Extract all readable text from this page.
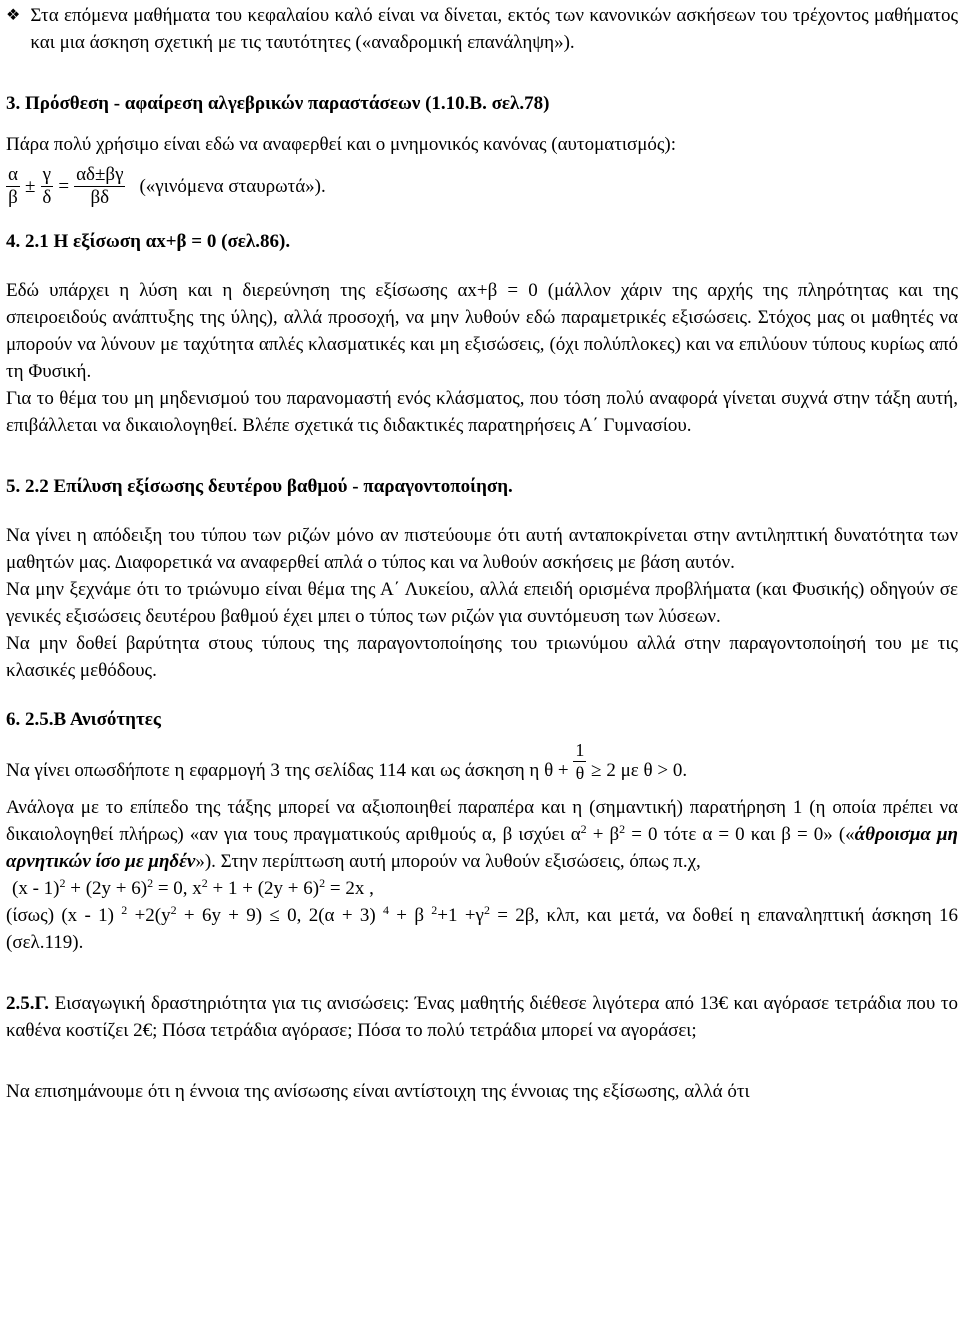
❖ Στα επόμενα μαθήματα του κεφαλαίου καλό είναι να δίνεται, εκτός των κανονικών ασκήσεων του τρέχοντος μαθήματος και μια άσκηση σχετική με τις ταυτότητες («αναδρομική επανάληψη»).

3. Πρόσθεση - αφαίρεση αλγεβρικών παραστάσεων (1.10.Β. σελ.78)

Πάρα πολύ χρήσιμο είναι εδώ να αναφερθεί και ο μνημονικός κανόνας (αυτοματισμός):

$\frac{\alpha}{\beta} \pm \frac{\gamma}{\delta} = \frac{\alpha\delta\pm\beta\gamma}{\beta\delta}$ («γινόμενα σταυρωτά»).
4. 2.1 Η εξίσωση αx+β = 0 (σελ.86).

Εδώ υπάρχει η λύση και η διερεύνηση της εξίσωσης αx+β = 0 (μάλλον χάριν της αρχής της πληρότητας και της σπειροειδούς ανάπτυξης της ύλης), αλλά προσοχή, να μην λυθούν εδώ παραμετρικές εξισώσεις. Στόχος μας οι μαθητές να μπορούν να λύνουν με ταχύτητα απλές κλασματικές και μη εξισώσεις, (όχι πολύπλοκες) και να επιλύουν τύπους κυρίως από τη Φυσική.

Για το θέμα του μη μηδενισμού του παρανομαστή ενός κλάσματος, που τόση πολύ αναφορά γίνεται συχνά στην τάξη αυτή, επιβάλλεται να δικαιολογηθεί. Βλέπε σχετικά τις διδακτικές παρατηρήσεις Α΄ Γυμνασίου.

5. 2.2 Επίλυση εξίσωσης δευτέρου βαθμού - παραγοντοποίηση.

Να γίνει η απόδειξη του τύπου των ριζών μόνο αν πιστεύουμε ότι αυτή ανταποκρίνεται στην αντιληπτική δυνατότητα των μαθητών μας. Διαφορετικά να αναφερθεί απλά ο τύπος και να λυθούν ασκήσεις με βάση αυτόν.

Να μην ξεχνάμε ότι το τριώνυμο είναι θέμα της Α΄ Λυκείου, αλλά επειδή ορισμένα προβλήματα (και Φυσικής) οδηγούν σε γενικές εξισώσεις δευτέρου βαθμού έχει μπει ο τύπος των ριζών για συντόμευση των λύσεων.

Να μην δοθεί βαρύτητα στους τύπους της παραγοντοποίησης του τριωνύμου αλλά στην παραγοντοποίησή του με τις κλασικές μεθόδους.

6. 2.5.Β Ανισότητες

Να γίνει οπωσδήποτε η εφαρμογή 3 της σελίδας 114 και ως άσκηση η $\theta + \frac{1}{\theta} \ge 2$ με θ > 0.

Ανάλογα με το επίπεδο της τάξης μπορεί να αξιοποιηθεί παραπέρα και η (σημαντική) παρατήρηση 1 (η οποία πρέπει να δικαιολογηθεί πλήρως) «αν για τους πραγματικούς αριθμούς α, β ισχύει $\alpha^2 + \beta^2 = 0$ τότε α = 0 και β = 0» («άθροισμα μη αρνητικών ίσο με μηδέν»). Στην περίπτωση αυτή μπορούν να λυθούν εξισώσεις, όπως π.χ,

$(x - 1)^2 + (2y + 6)^2 = 0$, $x^2 + 1 + (2y + 6)^2 = 2x$ ,

(ίσως) (x - 1) $^2 +2(y^2 + 6y + 9) \le 0$, 2(α + 3) $^4$ + β $^2+1 +\gamma^2 = 2\beta$, κλπ, και μετά, να δοθεί η επαναληπτική άσκηση 16 (σελ.119).

2.5.Γ. Εισαγωγική δραστηριότητα για τις ανισώσεις: Ένας μαθητής διέθεσε λιγότερα από 13€ και αγόρασε τετράδια που το καθένα κοστίζει 2€; Πόσα τετράδια αγόρασε; Πόσα το πολύ τετράδια μπορεί να αγοράσει;

Να επισημάνουμε ότι η έννοια της ανίσωσης είναι αντίστοιχη της έννοιας της εξίσωσης, αλλά ότι
